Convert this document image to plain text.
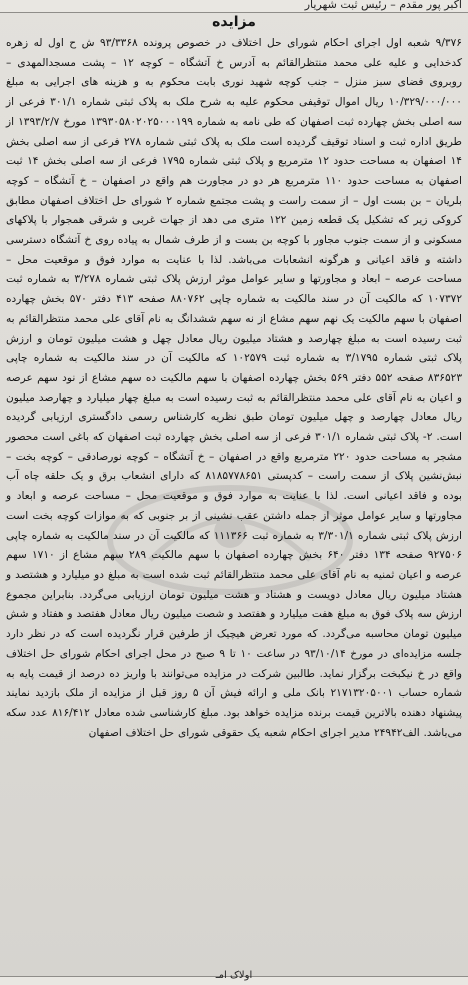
اکبر پور مقدم – رئیس ثبت شهریار
مزایده
۹/۳۷۶ شعبه اول اجرای احکام شورای حل اختلاف در خصوص پرونده ۹۳/۳۳۶۸ ش ح اول له زهره کدخدایی و علیه علی محمد منتظرالقائم به آدرس خ آتشگاه – کوچه ۱۲ – پشت مسجدالمهدی – روبروی فضای سبز منزل – جنب کوچه شهید نوری بابت محکوم به و هزینه های اجرایی به مبلغ ۱۰/۳۲۹/۰۰۰/۰۰۰ ریال اموال توقیفی محکوم علیه به شرح ملک به پلاک ثبتی شماره ۳۰۱/۱ فرعی از سه اصلی بخش چهارده ثبت اصفهان که طی نامه به شماره ۱۳۹۳۰۵۸۰۲۰۲۵۰۰۰۱۹۹ مورخ ۱۳۹۳/۲/۷ از طریق اداره ثبت و اسناد توقیف گردیده است ملک به پلاک ثبتی شماره ۲۷۸ فرعی از سه اصلی بخش ۱۴ اصفهان به مساحت حدود ۱۲ مترمربع و پلاک ثبتی شماره ۱۷۹۵ فرعی از سه اصلی بخش ۱۴ ثبت اصفهان به مساحت حدود ۱۱۰ مترمربع هر دو در مجاورت هم واقع در اصفهان – خ آتشگاه – کوچه بلریان – بن بست اول – از سمت راست و پشت مجتمع شماره ۲ شورای حل اختلاف اصفهان مطابق کروکی زیر که تشکیل یک قطعه زمین ۱۲۲ متری می دهد از جهات غربی و شرقی همجوار با پلاکهای مسکونی و از سمت جنوب مجاور با کوچه بن بست و از طرف شمال به پیاده روی خ آتشگاه دسترسی داشته و فاقد اعیانی و هرگونه انشعابات می‌باشد. لذا با عنایت به موارد فوق و موقعیت محل – مساحت عرصه – ابعاد و مجاورتها و سایر عوامل موثر ارزش پلاک ثبتی شماره ۳/۲۷۸ به شماره ثبت ۱۰۷۳۷۲ که مالکیت آن در سند مالکیت به شماره چاپی ۸۸۰۷۶۲ صفحه ۴۱۳ دفتر ۵۷۰ بخش چهارده اصفهان با سهم مالکیت یک نهم سهم مشاع از نه سهم ششدانگ به نام آقای علی محمد منتظرالقائم به ثبت رسیده است به مبلغ چهارصد و هشتاد میلیون ریال معادل چهل و هشت میلیون تومان و ارزش پلاک ثبتی شماره ۳/۱۷۹۵ به شماره ثبت ۱۰۲۵۷۹ که مالکیت آن در سند مالکیت به شماره چاپی ۸۳۶۵۲۳ صفحه ۵۵۲ دفتر ۵۶۹ بخش چهارده اصفهان با سهم مالکیت ده سهم مشاع از نود سهم عرصه و اعیان به نام آقای علی محمد منتظرالقائم به ثبت رسیده است به مبلغ چهار میلیارد و چهارصد میلیون ریال معادل چهارصد و چهل میلیون تومان طبق نظریه کارشناس رسمی دادگستری ارزیابی گردیده است. ۲- پلاک ثبتی شماره ۳۰۱/۱ فرعی از سه اصلی بخش چهارده ثبت اصفهان که باغی است محصور مشجر به مساحت حدود ۲۲۰ مترمربع واقع در اصفهان – خ آتشگاه – کوچه نورصادقی – کوچه بخت – نبش‌نشین پلاک از سمت راست – کدپستی ۸۱۸۵۷۷۸۶۵۱ که دارای انشعاب برق و یک حلقه چاه آب بوده و فاقد اعیانی است. لذا با عنایت به موارد فوق و موقعیت محل – مساحت عرصه و ابعاد و مجاورتها و سایر عوامل موثر از جمله داشتن عقب نشینی از بر جنوبی که به موازات کوچه بخت است ارزش پلاک ثبتی شماره ۳/۳۰۱/۱ به شماره ثبت ۱۱۱۳۶۶ که مالکیت آن در سند مالکیت به شماره چاپی ۹۲۷۵۰۶ صفحه ۱۳۴ دفتر ۶۴۰ بخش چهارده اصفهان با سهم مالکیت ۲۸۹ سهم مشاع از ۱۷۱۰ سهم عرصه و اعیان ثمنیه به نام آقای علی محمد منتظرالقائم ثبت شده است به مبلغ دو میلیارد و هشتصد و هشتاد میلیون ریال معادل دویست و هشتاد و هشت میلیون تومان ارزیابی می‌گردد. بنابراین مجموع ارزش سه پلاک فوق به مبلغ هفت میلیارد و هفتصد و شصت میلیون ریال معادل هفتصد و هفتاد و شش میلیون تومان محاسبه می‌گردد. که مورد تعرض هیچیک از طرفین قرار نگردیده است که در نظر دارد جلسه مزایده‌ای در مورخ ۹۳/۱۰/۱۴ در ساعت ۱۰ تا ۹ صبح در محل اجرای احکام شورای حل اختلاف واقع در خ نیکبخت برگزار نماید. طالبین شرکت در مزایده می‌توانند با واریز ده درصد از قیمت پایه به شماره حساب ۲۱۷۱۳۲۰۵۰۰۱ بانک ملی و ارائه فیش آن ۵ روز قبل از مزایده از ملک بازدید نمایند پیشنهاد دهنده بالاترین قیمت برنده مزایده خواهد بود. مبلغ کارشناسی شده معادل ۸۱۶/۴۱۲ عدد سکه می‌باشد. الف۲۴۹۴۲ مدیر اجرای احکام شعبه یک حقوقی شورای حل اختلاف اصفهان
اولاک امـ
